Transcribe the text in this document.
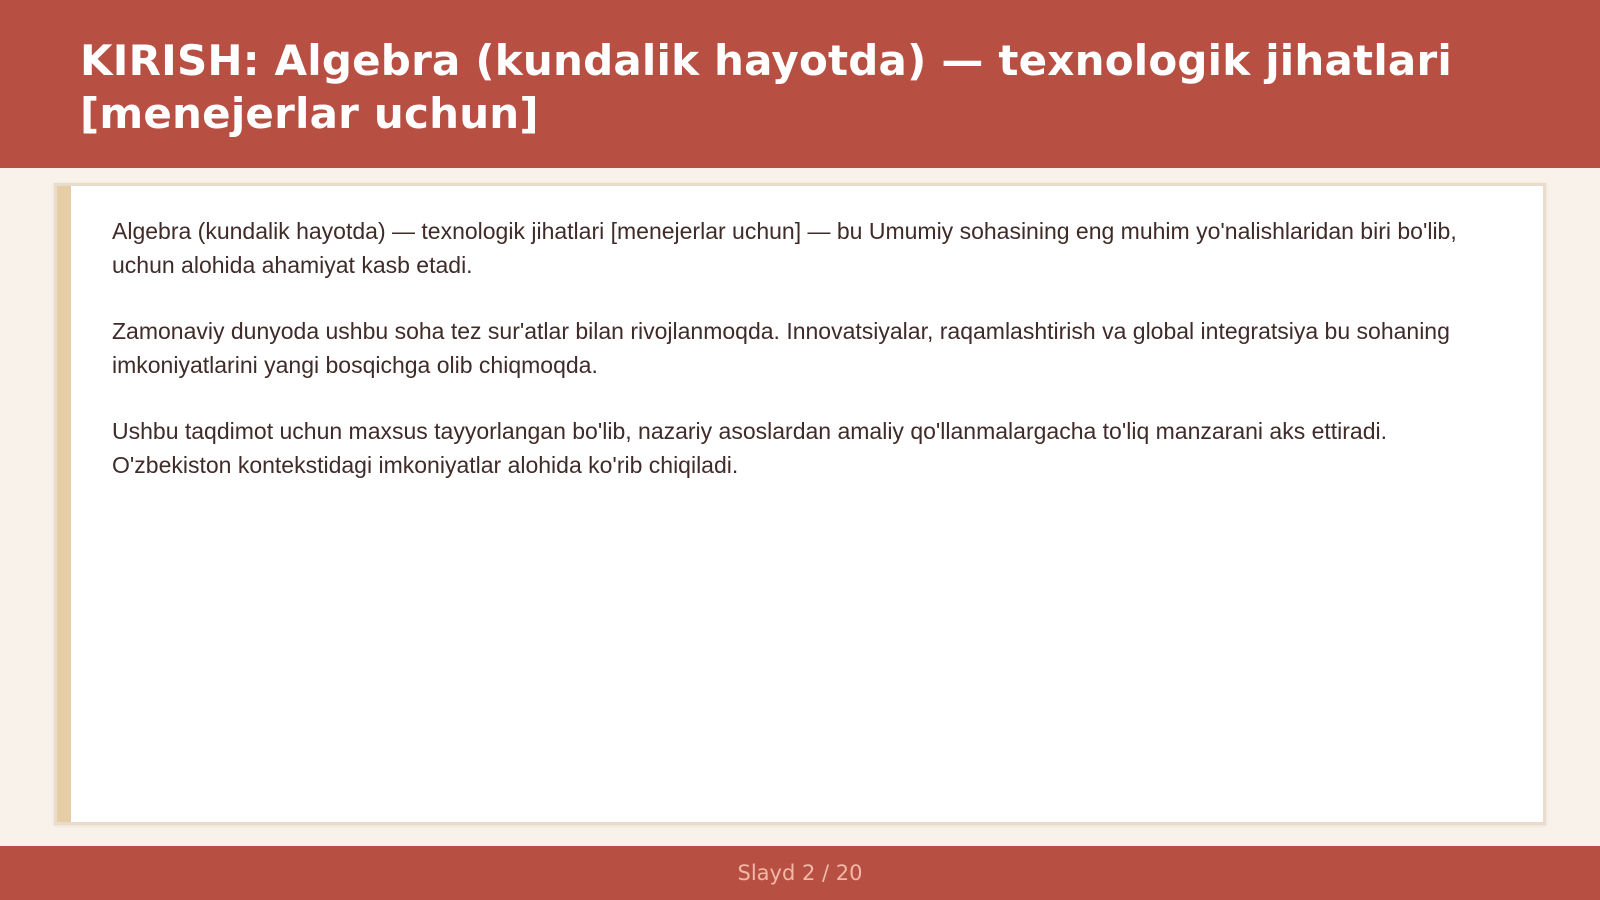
KIRISH: Algebra (kundalik hayotda) — texnologik jihatlari [menejerlar uchun]

Algebra (kundalik hayotda) — texnologik jihatlari [menejerlar uchun] — bu Umumiy sohasining eng muhim yo'nalishlaridan biri bo'lib, uchun alohida ahamiyat kasb etadi.

Zamonaviy dunyoda ushbu soha tez sur'atlar bilan rivojlanmoqda. Innovatsiyalar, raqamlashtirish va global integratsiya bu sohaning imkoniyatlarini yangi bosqichga olib chiqmoqda.

Ushbu taqdimot uchun maxsus tayyorlangan bo'lib, nazariy asoslardan amaliy qo'llanmalargacha to'liq manzarani aks ettiradi. O'zbekiston kontekstidagi imkoniyatlar alohida ko'rib chiqiladi.

Slayd 2 / 20
